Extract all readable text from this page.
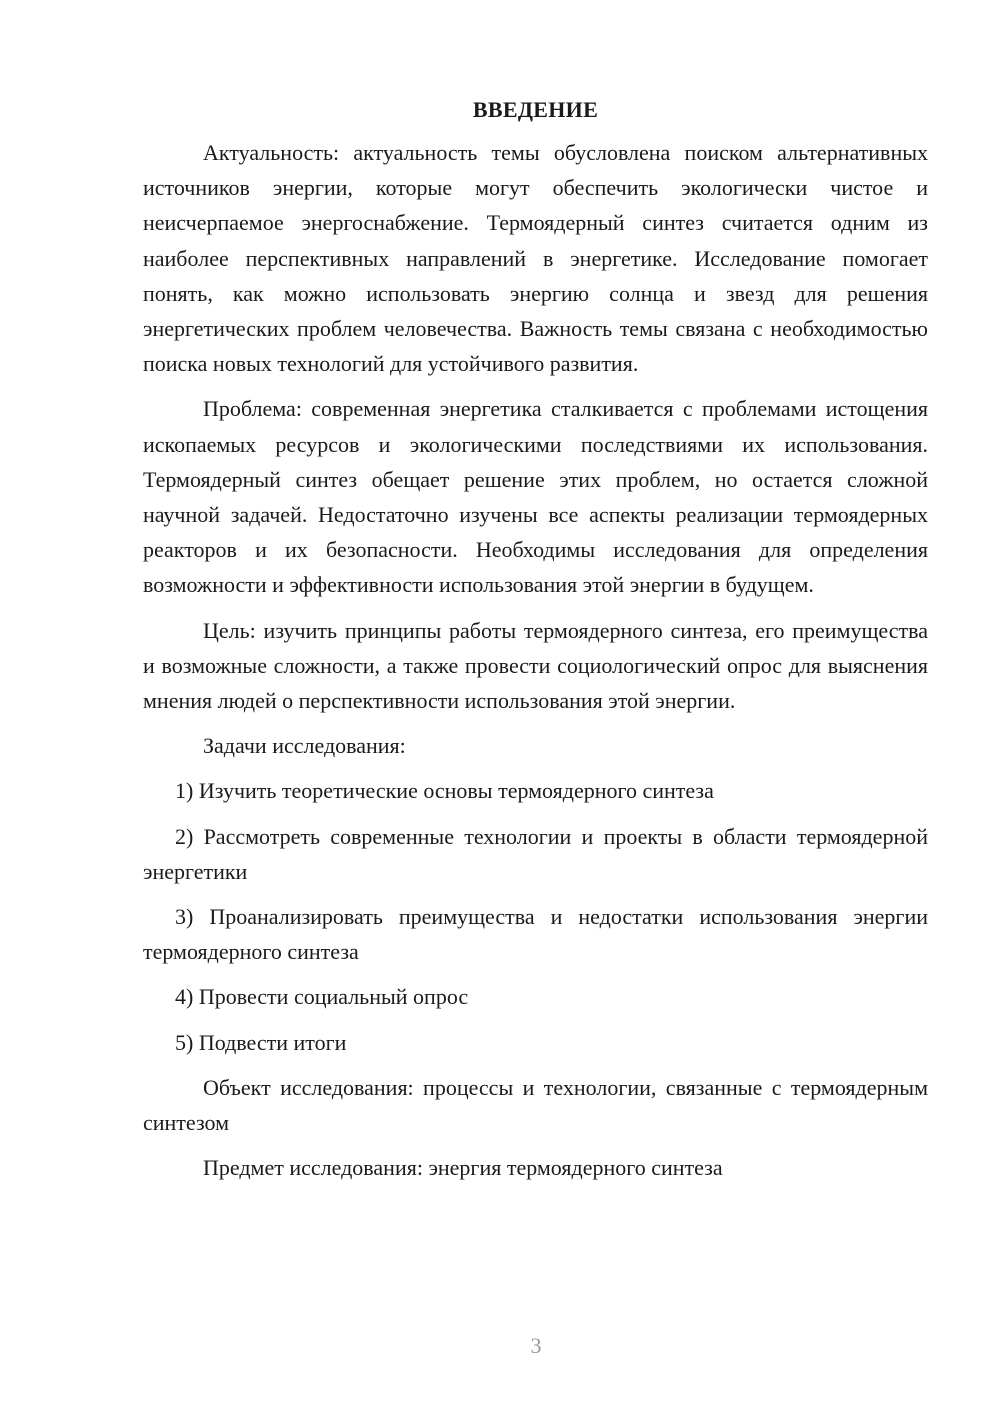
ВВЕДЕНИЕ

Актуальность: актуальность темы обусловлена поиском альтернативных источников энергии, которые могут обеспечить экологически чистое и неисчерпаемое энергоснабжение. Термоядерный синтез считается одним из наиболее перспективных направлений в энергетике. Исследование помогает понять, как можно использовать энергию солнца и звезд для решения энергетических проблем человечества. Важность темы связана с необходимостью поиска новых технологий для устойчивого развития.

Проблема: современная энергетика сталкивается с проблемами истощения ископаемых ресурсов и экологическими последствиями их использования. Термоядерный синтез обещает решение этих проблем, но остается сложной научной задачей. Недостаточно изучены все аспекты реализации термоядерных реакторов и их безопасности. Необходимы исследования для определения возможности и эффективности использования этой энергии в будущем.

Цель: изучить принципы работы термоядерного синтеза, его преимущества и возможные сложности, а также провести социологический опрос для выяснения мнения людей о перспективности использования этой энергии.

Задачи исследования:

1) Изучить теоретические основы термоядерного синтеза

2) Рассмотреть современные технологии и проекты в области термоядерной энергетики

3) Проанализировать преимущества и недостатки использования энергии термоядерного синтеза

4) Провести социальный опрос

5) Подвести итоги

Объект исследования: процессы и технологии, связанные с термоядерным синтезом

Предмет исследования: энергия термоядерного синтеза

3
